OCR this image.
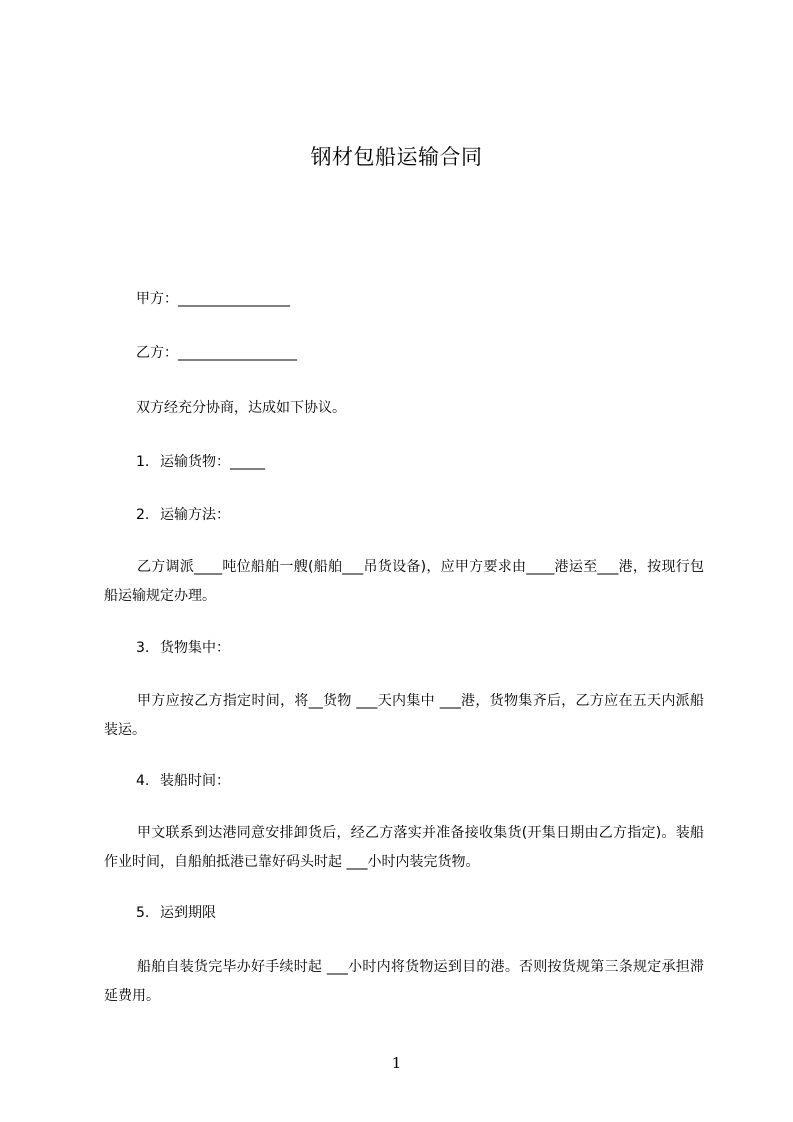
钢材包船运输合同
甲方：________________
乙方：_________________
双方经充分协商，达成如下协议。
1. 运输货物：_____
2. 运输方法：
乙方调派____吨位船舶一艘(船舶___吊货设备)，应甲方要求由____港运至___港，按现行包船运输规定办理。
3. 货物集中：
甲方应按乙方指定时间，将__货物 ___天内集中 ___港，货物集齐后，乙方应在五天内派船装运。
4. 装船时间：
甲文联系到达港同意安排卸货后，经乙方落实并准备接收集货(开集日期由乙方指定)。装船作业时间，自船舶抵港已靠好码头时起 ___小时内装完货物。
5. 运到期限
船舶自装货完毕办好手续时起 ___小时内将货物运到目的港。否则按货规第三条规定承担滞延费用。
1
